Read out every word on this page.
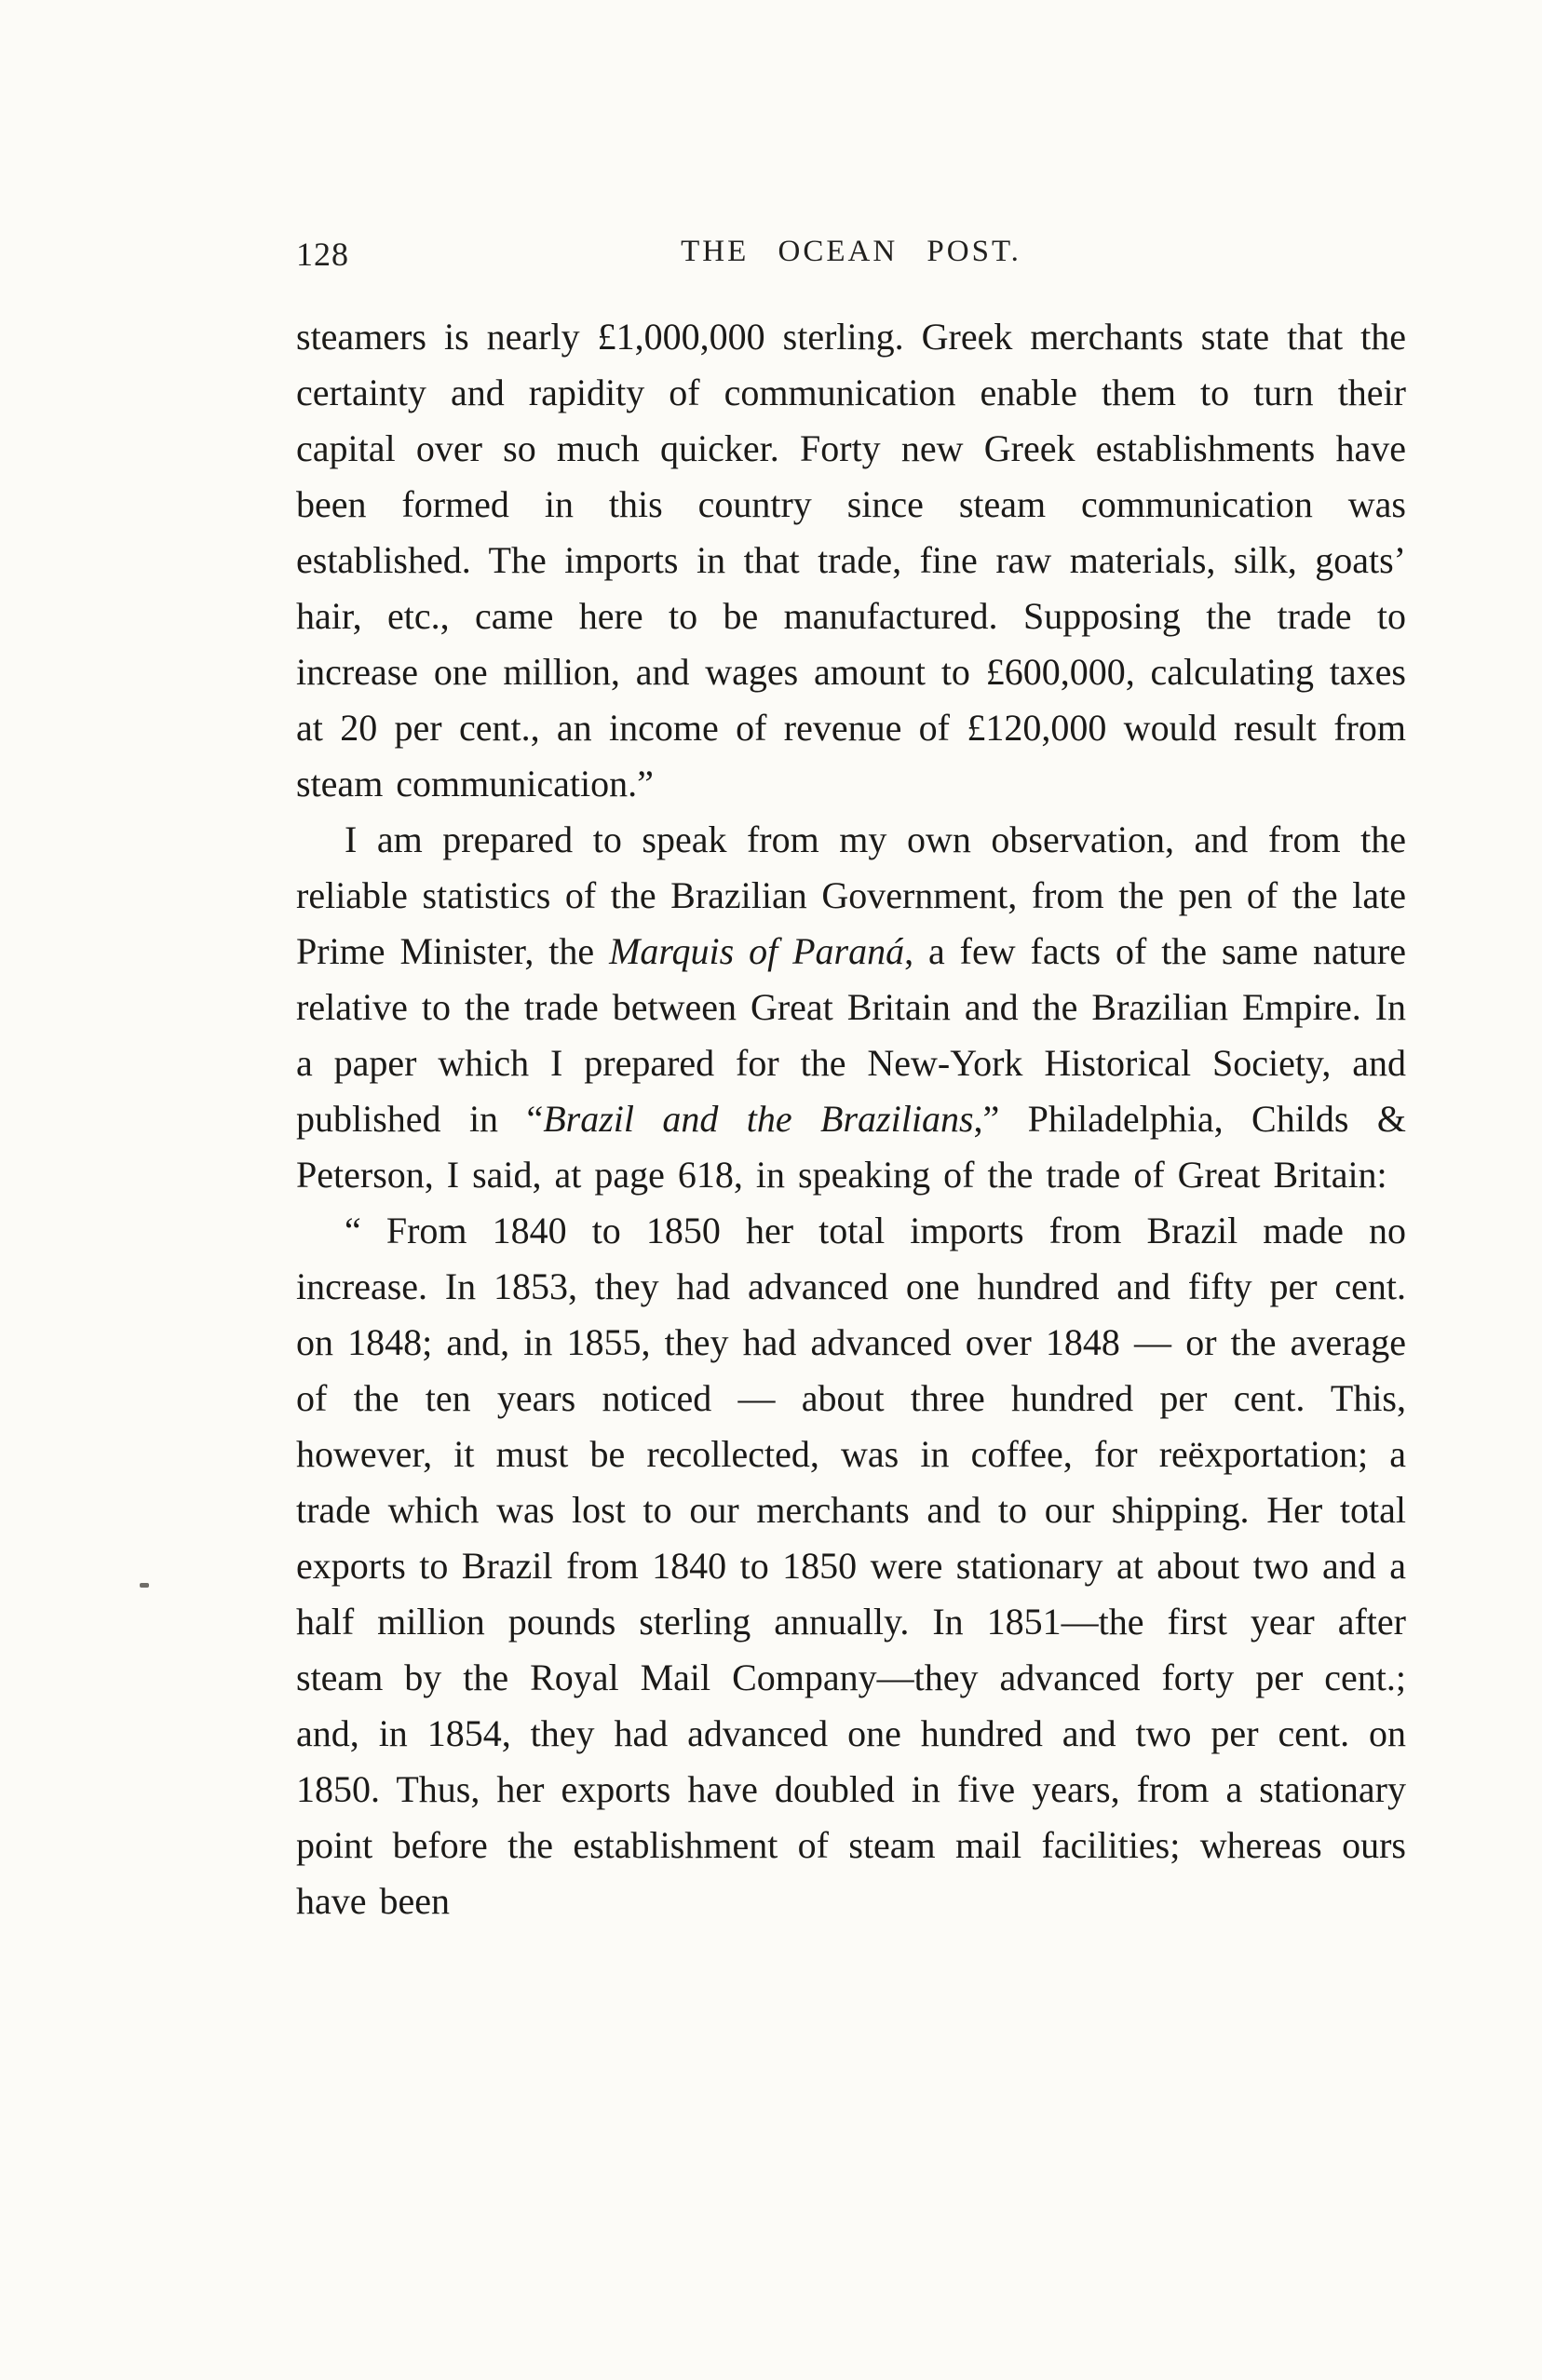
128	THE OCEAN POST.

steamers is nearly £1,000,000 sterling. Greek merchants state that the certainty and rapidity of communication enable them to turn their capital over so much quicker. Forty new Greek establishments have been formed in this country since steam communication was established. The imports in that trade, fine raw materials, silk, goats’ hair, etc., came here to be manufactured. Supposing the trade to increase one million, and wages amount to £600,000, calculating taxes at 20 per cent., an income of revenue of £120,000 would result from steam communication.”

I am prepared to speak from my own observation, and from the reliable statistics of the Brazilian Government, from the pen of the late Prime Minister, the Marquis of Paraná, a few facts of the same nature relative to the trade between Great Britain and the Brazilian Empire. In a paper which I prepared for the New-York Historical Society, and published in “Brazil and the Brazilians,” Philadelphia, Childs & Peterson, I said, at page 618, in speaking of the trade of Great Britain:

“ From 1840 to 1850 her total imports from Brazil made no increase. In 1853, they had advanced one hundred and fifty per cent. on 1848; and, in 1855, they had advanced over 1848 — or the average of the ten years noticed — about three hundred per cent. This, however, it must be recollected, was in coffee, for reëxportation; a trade which was lost to our merchants and to our shipping. Her total exports to Brazil from 1840 to 1850 were stationary at about two and a half million pounds sterling annually. In 1851—the first year after steam by the Royal Mail Company—they advanced forty per cent.; and, in 1854, they had advanced one hundred and two per cent. on 1850. Thus, her exports have doubled in five years, from a stationary point before the establishment of steam mail facilities; whereas ours have been
